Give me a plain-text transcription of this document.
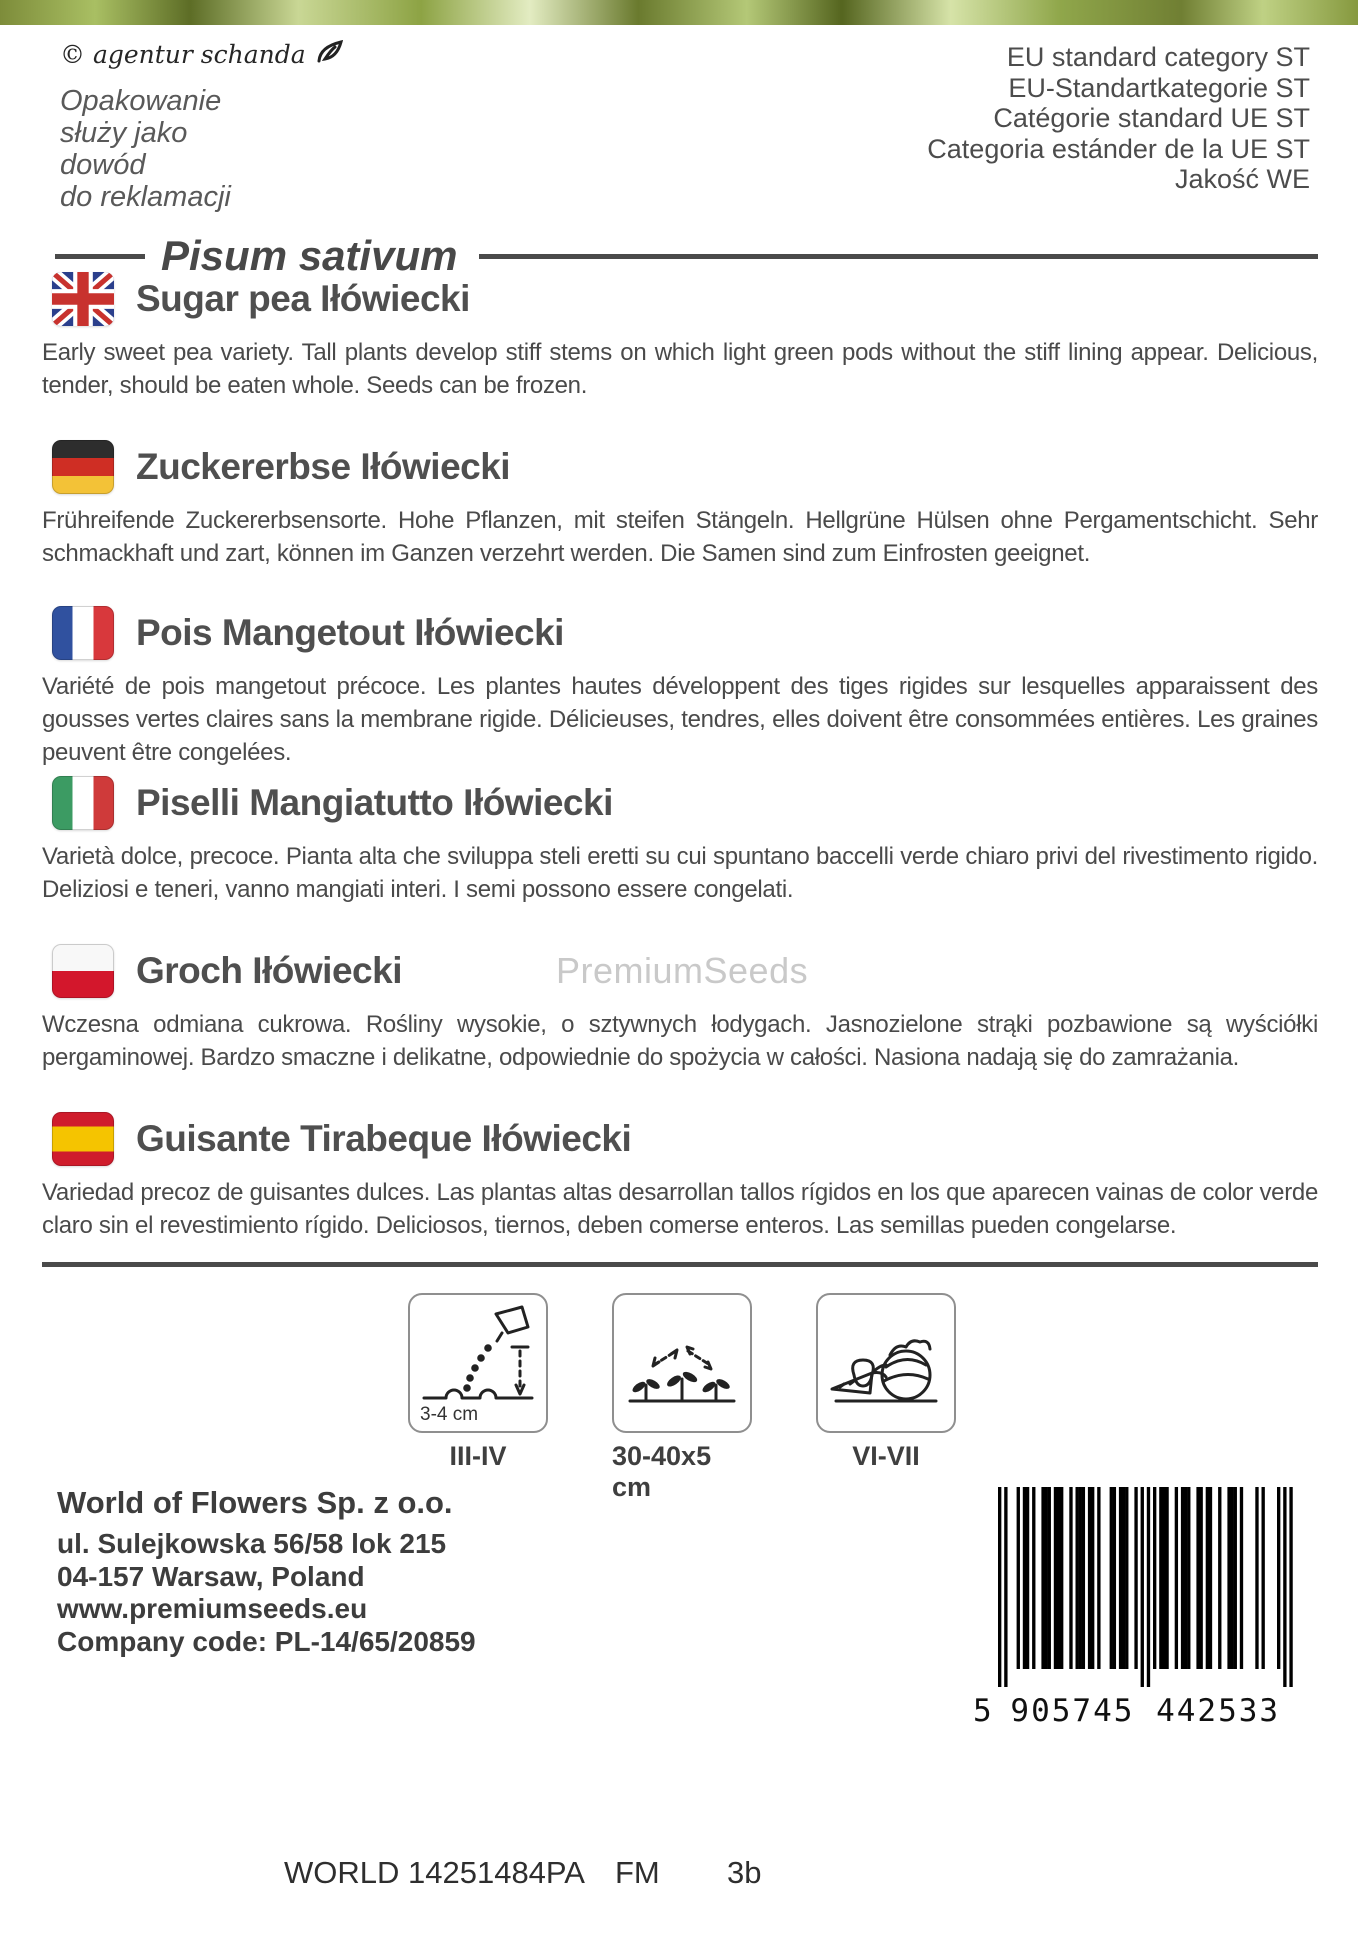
© agentur schanda
Opakowanie
służy jako
dowód
do reklamacji
EU standard category ST
EU-Standartkategorie ST
Catégorie standard UE ST
Categoria estánder de la UE ST
Jakość WE
Pisum sativum
Sugar pea Iłówiecki

Early sweet pea variety. Tall plants develop stiff stems on which light green pods without the stiff lining appear. Delicious, tender, should be eaten whole. Seeds can be frozen.

Zuckererbse Iłówiecki

Frühreifende Zuckererbsensorte. Hohe Pflanzen, mit steifen Stängeln. Hellgrüne Hülsen ohne Pergamentschicht. Sehr schmackhaft und zart, können im Ganzen verzehrt werden. Die Samen sind zum Einfrosten geeignet.

Pois Mangetout Iłówiecki

Variété de pois mangetout précoce. Les plantes hautes développent des tiges rigides sur lesquelles apparaissent des gousses vertes claires sans la membrane rigide. Délicieuses, tendres, elles doivent être consommées entières. Les graines peuvent être congelées.

Piselli Mangiatutto Iłówiecki

Varietà dolce, precoce. Pianta alta che sviluppa steli eretti su cui spuntano baccelli verde chiaro privi del rivestimento rigido. Deliziosi e teneri, vanno mangiati interi. I semi possono essere congelati.

PremiumSeeds
Groch Iłówiecki

Wczesna odmiana cukrowa. Rośliny wysokie, o sztywnych łodygach. Jasnozielone strąki pozbawione są wyściółki pergaminowej. Bardzo smaczne i delikatne, odpowiednie do spożycia w całości. Nasiona nadają się do zamrażania.

Guisante Tirabeque Iłówiecki

Variedad precoz de guisantes dulces. Las plantas altas desarrollan tallos rígidos en los que aparecen vainas de color verde claro sin el revestimiento rígido. Deliciosos, tiernos, deben comerse enteros. Las semillas pueden congelarse.

3-4 cm
III-IV	30-40x5 cm
VI-VII
World of Flowers Sp. z o.o.
ul. Sulejkowska 56/58 lok 215
04-157 Warsaw, Poland
www.premiumseeds.eu
Company code: PL-14/65/20859
5 905745 442533
WORLD 14251484PA FM 3b
